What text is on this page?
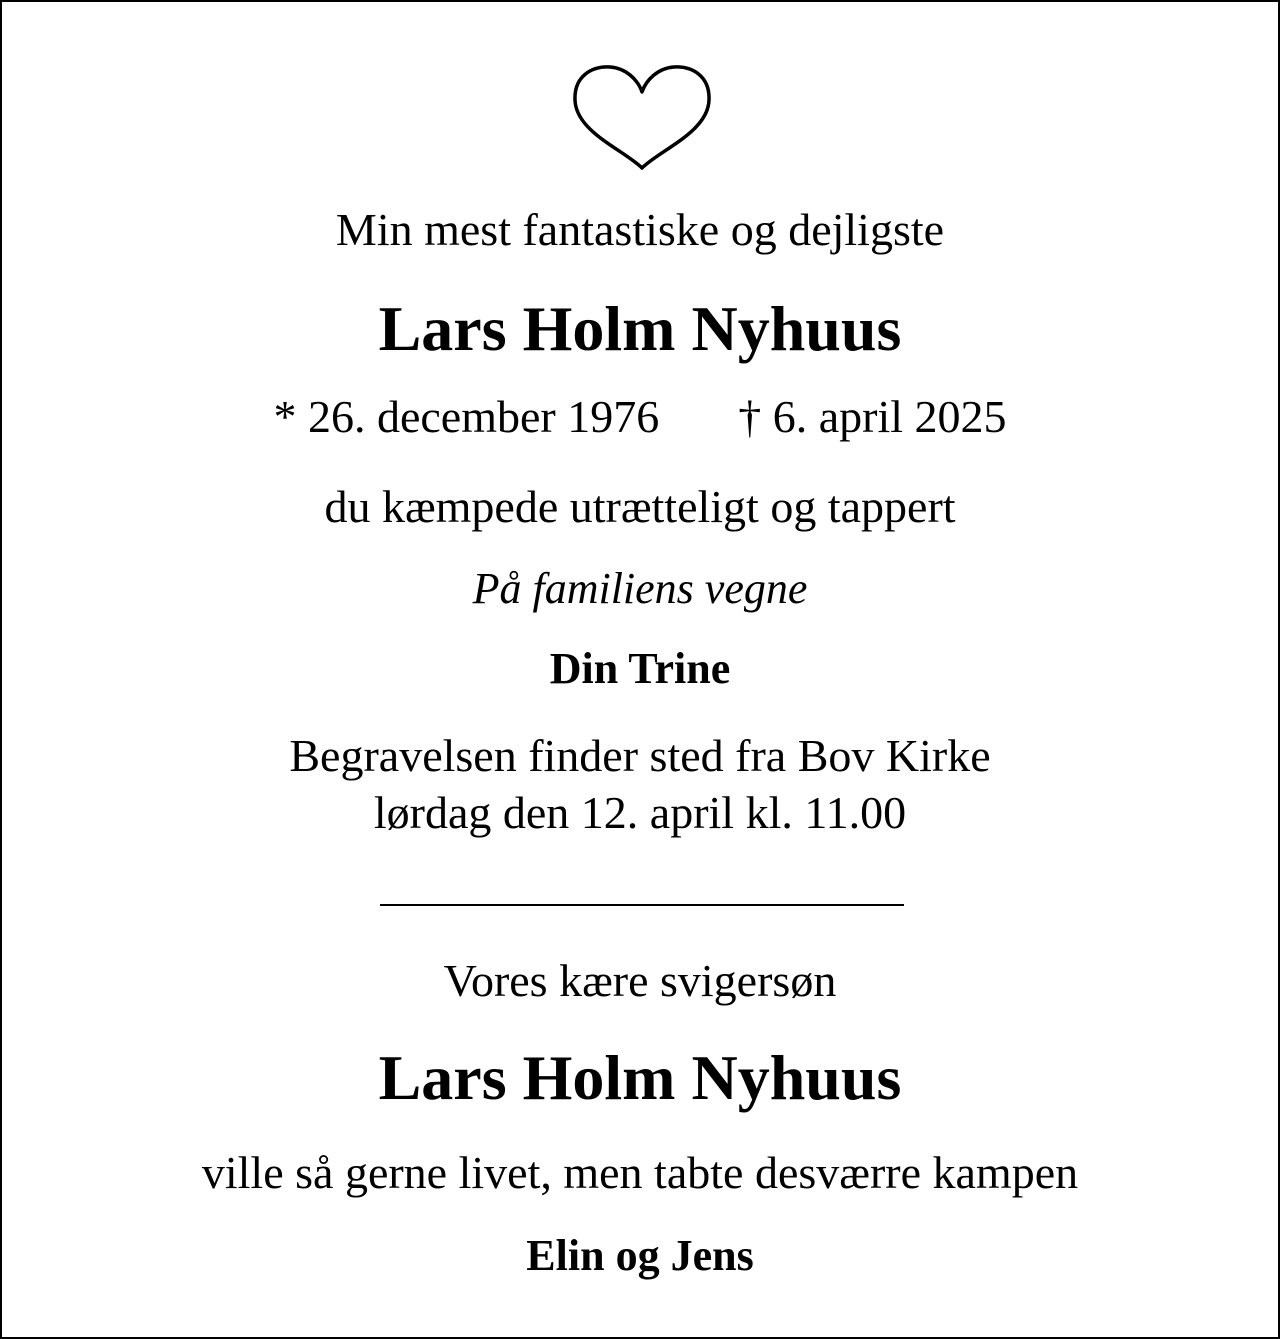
Min mest fantastiske og dejligste
Lars Holm Nyhuus
* 26. december 1976 † 6. april 2025
du kæmpede utrætteligt og tappert
På familiens vegne
Din Trine
Begravelsen finder sted fra Bov Kirke
lørdag den 12. april kl. 11.00
Vores kære svigersøn
Lars Holm Nyhuus
ville så gerne livet, men tabte desværre kampen
Elin og Jens
